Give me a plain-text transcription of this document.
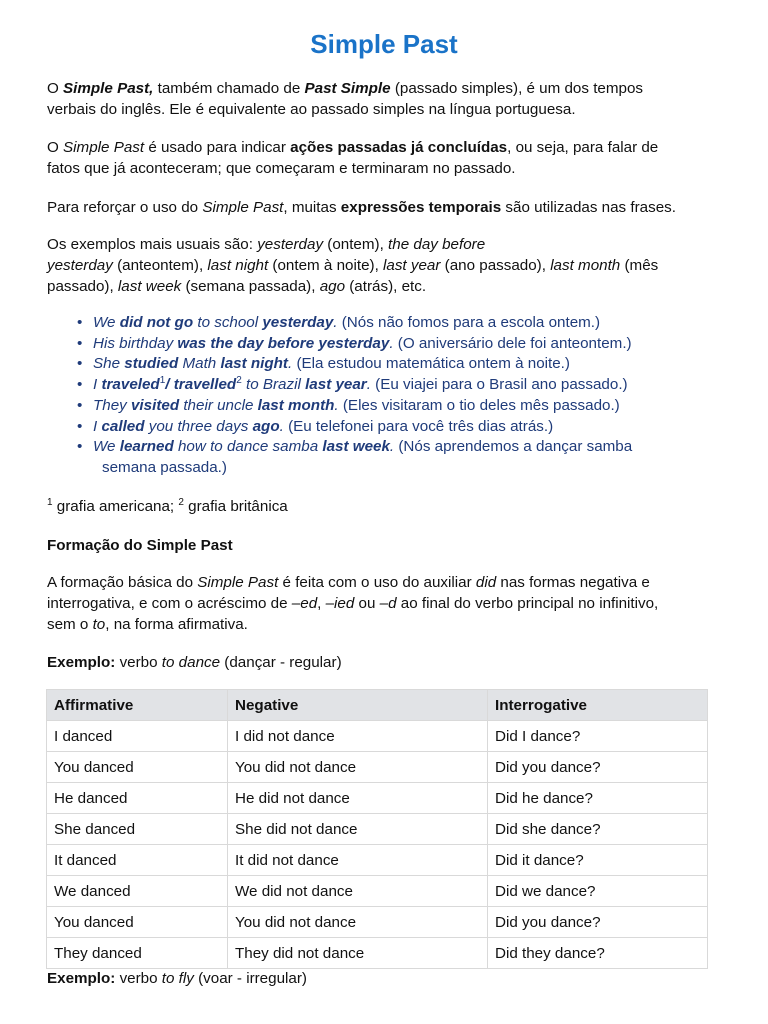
Simple Past

O Simple Past, também chamado de Past Simple (passado simples), é um dos tempos
verbais do inglês. Ele é equivalente ao passado simples na língua portuguesa.

O Simple Past é usado para indicar ações passadas já concluídas, ou seja, para falar de
fatos que já aconteceram; que começaram e terminaram no passado.

Para reforçar o uso do Simple Past, muitas expressões temporais são utilizadas nas frases.

Os exemplos mais usuais são: yesterday (ontem), the day before
yesterday (anteontem), last night (ontem à noite), last year (ano passado), last month (mês
passado), last week (semana passada), ago (atrás), etc.

• We did not go to school yesterday. (Nós não fomos para a escola ontem.)
• His birthday was the day before yesterday. (O aniversário dele foi anteontem.)
• She studied Math last night. (Ela estudou matemática ontem à noite.)
• I traveled$^1$/ travelled$^2$ to Brazil last year. (Eu viajei para o Brasil ano passado.)
• They visited their uncle last month. (Eles visitaram o tio deles mês passado.)
• I called you three days ago. (Eu telefonei para você três dias atrás.)
• We learned how to dance samba last week. (Nós aprendemos a dançar samba
semana passada.)

$^1$ grafia americana; $^2$ grafia britânica

Formação do Simple Past

A formação básica do Simple Past é feita com o uso do auxiliar did nas formas negativa e
interrogativa, e com o acréscimo de –ed, –ied ou –d ao final do verbo principal no infinitivo,
sem o to, na forma afirmativa.

Exemplo: verbo to dance (dançar - regular)

Affirmative	Negative	Interrogative
I danced	I did not dance	Did I dance?
You danced	You did not dance	Did you dance?
He danced	He did not dance	Did he dance?
She danced	She did not dance	Did she dance?
It danced	It did not dance	Did it dance?
We danced	We did not dance	Did we dance?
You danced	You did not dance	Did you dance?
They danced	They did not dance	Did they dance?

Exemplo: verbo to fly (voar - irregular)
